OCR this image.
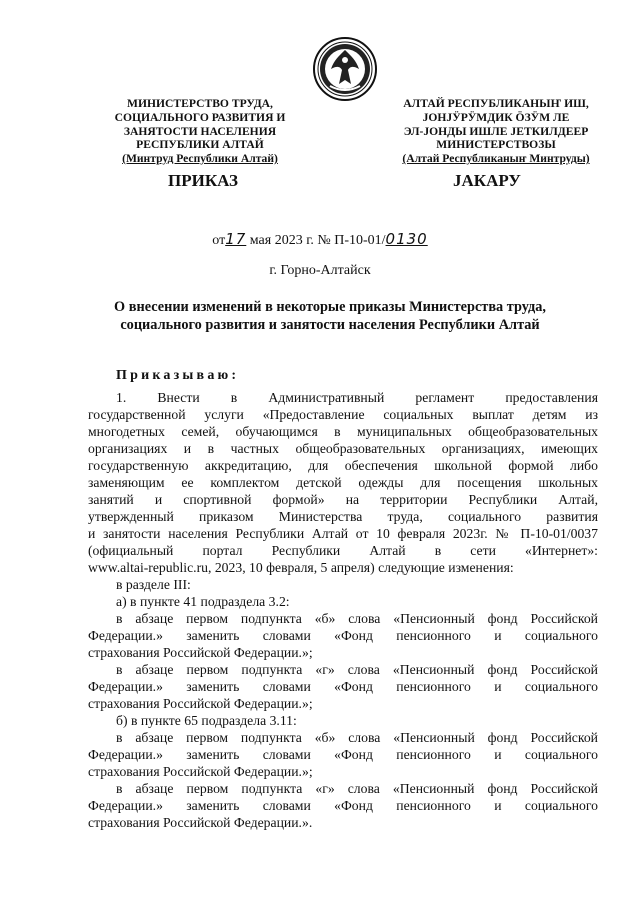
МИНИСТЕРСТВО ТРУДА,
СОЦИАЛЬНОГО РАЗВИТИЯ И
ЗАНЯТОСТИ НАСЕЛЕНИЯ
РЕСПУБЛИКИ АЛТАЙ
(Минтруд Республики Алтай)
АЛТАЙ РЕСПУБЛИКАНЫҤ ИШ,
ЈОНЈӰРӰМДИК ӦЗӰМ ЛЕ
ЭЛ-ЈОНДЫ ИШЛЕ ЈЕТКИЛДЕЕР
МИНИСТЕРСТВОЗЫ
(Алтай Республиканыҥ Минтруды)
ПРИКАЗ	ЈАКАРУ
от17 мая 2023 г. № П-10-01/0130
г. Горно-Алтайск
О внесении изменений в некоторые приказы Министерства труда,
социального развития и занятости населения Республики Алтай
Приказываю:
1. Внести в Административный регламент предоставления
государственной услуги «Предоставление социальных выплат детям из
многодетных семей, обучающимся в муниципальных общеобразовательных
организациях и в частных общеобразовательных организациях, имеющих
государственную аккредитацию, для обеспечения школьной формой либо
заменяющим ее комплектом детской одежды для посещения школьных
занятий и спортивной формой» на территории Республики Алтай,
утвержденный приказом Министерства труда, социального развития
и занятости населения Республики Алтай от 10 февраля 2023г. № П-10-01/0037
(официальный портал Республики Алтай в сети «Интернет»:
www.altai-republic.ru, 2023, 10 февраля, 5 апреля) следующие изменения:
в разделе III:
а) в пункте 41 подраздела 3.2:
в абзаце первом подпункта «б» слова «Пенсионный фонд Российской
Федерации.» заменить словами «Фонд пенсионного и социального
страхования Российской Федерации.»;
в абзаце первом подпункта «г» слова «Пенсионный фонд Российской
Федерации.» заменить словами «Фонд пенсионного и социального
страхования Российской Федерации.»;
б) в пункте 65 подраздела 3.11:
в абзаце первом подпункта «б» слова «Пенсионный фонд Российской
Федерации.» заменить словами «Фонд пенсионного и социального
страхования Российской Федерации.»;
в абзаце первом подпункта «г» слова «Пенсионный фонд Российской
Федерации.» заменить словами «Фонд пенсионного и социального
страхования Российской Федерации.».
